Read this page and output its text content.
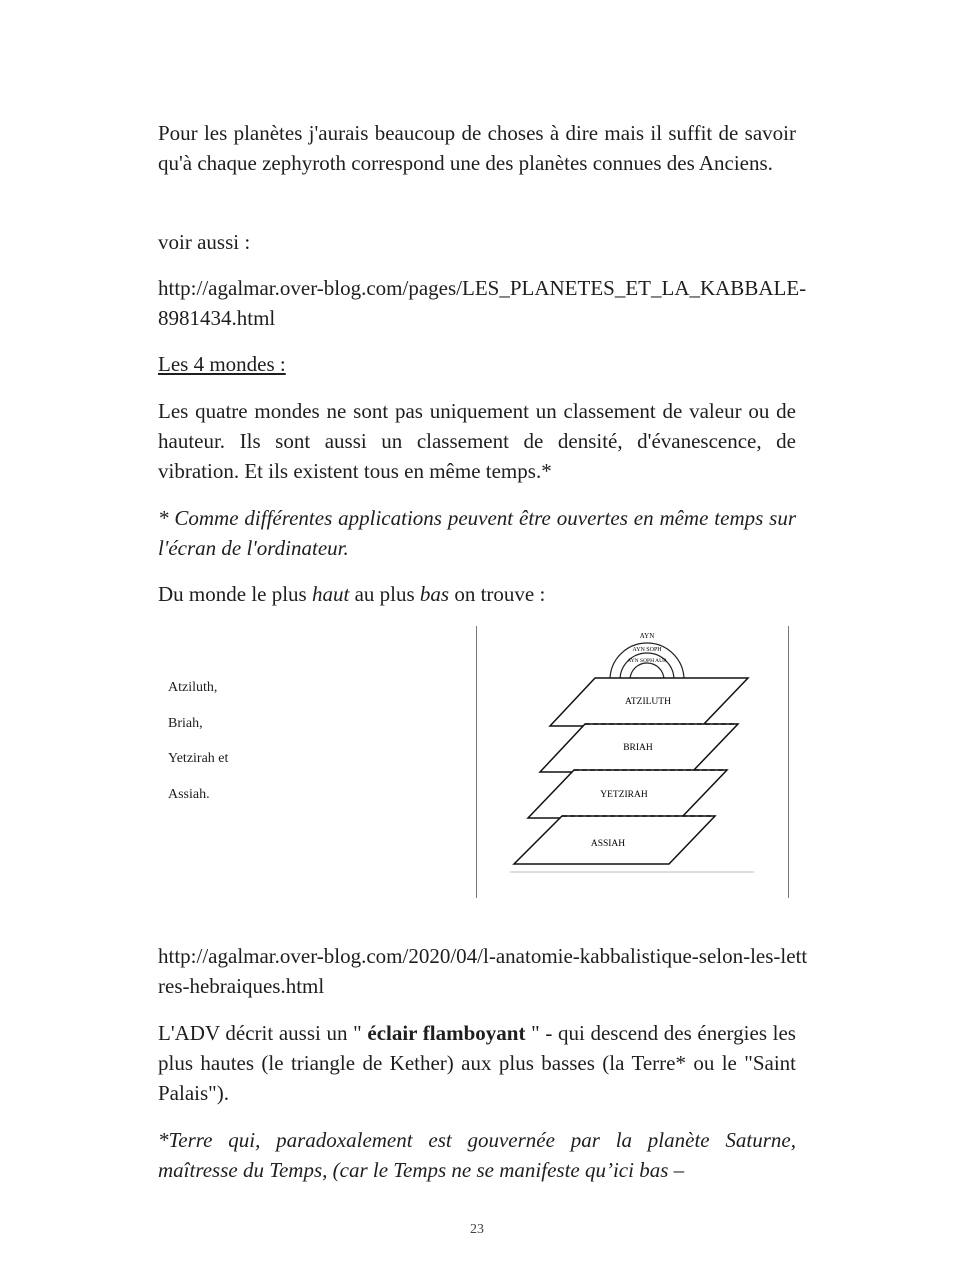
Pour les planètes j'aurais beaucoup de choses à dire mais il suffit de savoir qu'à chaque zephyroth correspond une des planètes connues des Anciens.

voir aussi :

http://agalmar.over-blog.com/pages/LES_PLANETES_ET_LA_KABBALE-8981434.html

Les 4 mondes :

Les quatre mondes ne sont pas uniquement un classement de valeur ou de hauteur. Ils sont aussi un classement de densité, d'évanescence, de vibration. Et ils existent tous en même temps.*

* Comme différentes applications peuvent être ouvertes en même temps sur l'écran de l'ordinateur.

Du monde le plus haut au plus bas on trouve :

Atziluth,
Briah,
Yetzirah et
Assiah.
AYN
AYN SOPH
AYN SOPH AUR
ATZILUTH
BRIAH
YETZIRAH
ASSIAH

http://agalmar.over-blog.com/2020/04/l-anatomie-kabbalistique-selon-les-lettres-hebraiques.html

L'ADV décrit aussi un " éclair flamboyant " - qui descend des énergies les plus hautes (le triangle de Kether) aux plus basses (la Terre* ou le "Saint Palais").

*Terre qui, paradoxalement est gouvernée par la planète Saturne, maîtresse du Temps, (car le Temps ne se manifeste qu’ici bas –

23
